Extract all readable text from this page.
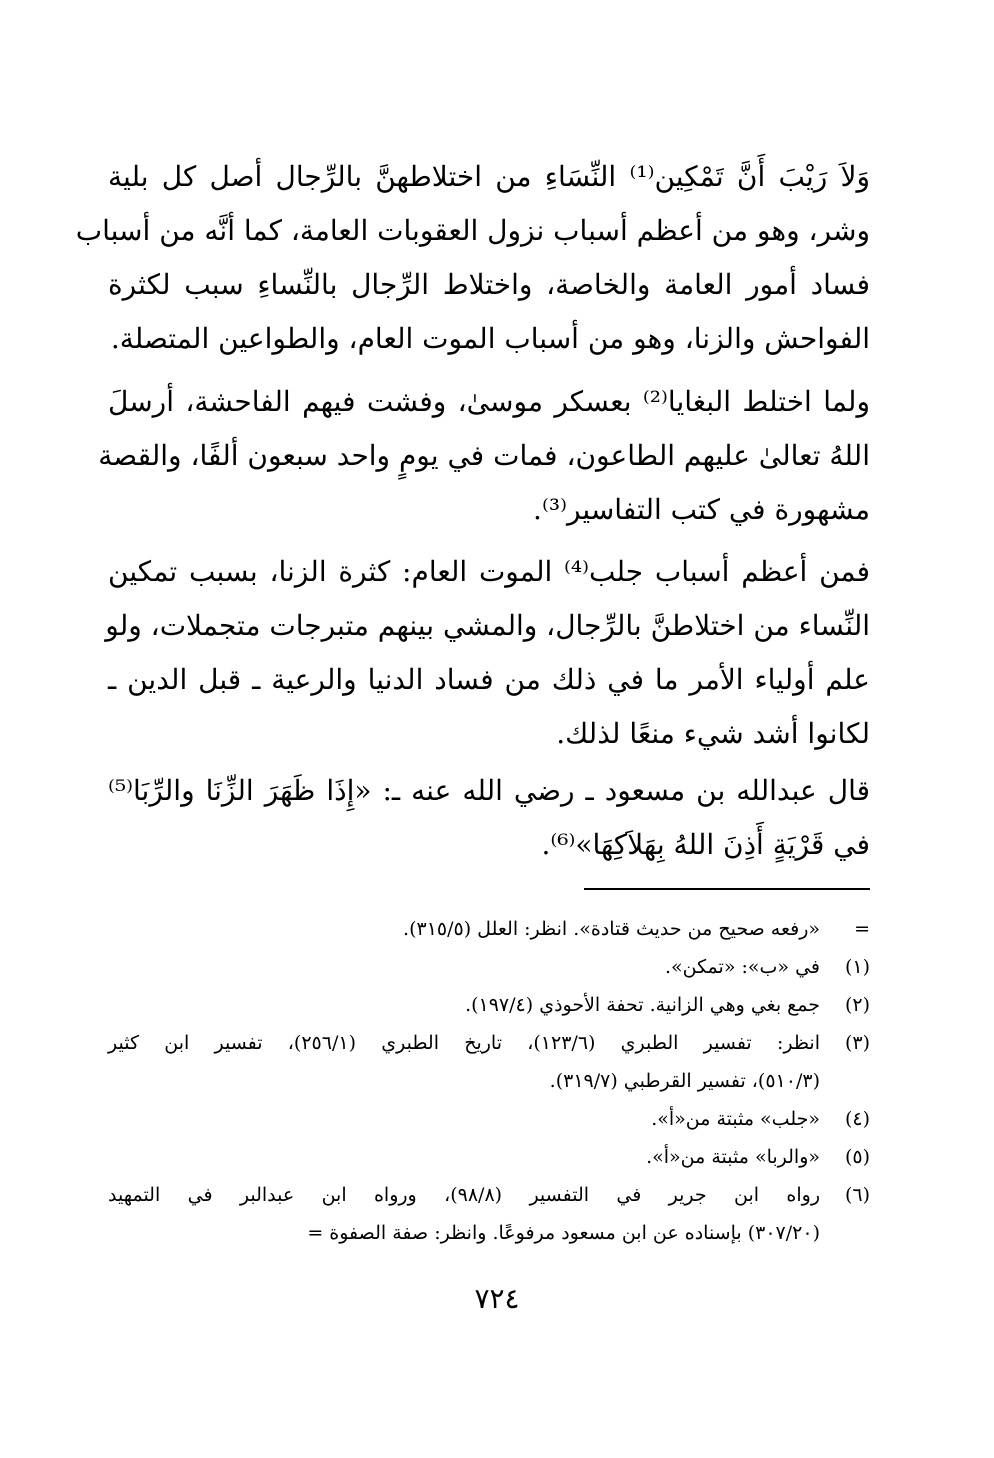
وَلاَ رَيْبَ أَنَّ تَمْكِين⁽¹⁾ النِّسَاءِ من اختلاطهنَّ بالرِّجال أصل كل بلية
وشر، وهو من أعظم أسباب نزول العقوبات العامة، كما أنَّه من أسباب
فساد أمور العامة والخاصة، واختلاط الرِّجال بالنِّساءِ سبب لكثرة
الفواحش والزنا، وهو من أسباب الموت العام، والطواعين المتصلة.
ولما اختلط البغايا⁽²⁾ بعسكر موسىٰ، وفشت فيهم الفاحشة، أرسلَ
اللهُ تعالىٰ عليهم الطاعون، فمات في يومٍ واحد سبعون ألفًا، والقصة
مشهورة في كتب التفاسير⁽³⁾.
فمن أعظم أسباب جلب⁽⁴⁾ الموت العام: كثرة الزنا، بسبب تمكين
النِّساء من اختلاطنَّ بالرِّجال، والمشي بينهم متبرجات متجملات، ولو
علم أولياء الأمر ما في ذلك من فساد الدنيا والرعية ـ قبل الدين ـ
لكانوا أشد شيء منعًا لذلك.
قال عبدالله بن مسعود ـ رضي الله عنه ـ: «إِذَا ظَهَرَ الزِّنَا والرِّبَا⁽⁵⁾
في قَرْيَةٍ أَذِنَ اللهُ بِهَلاَكِهَا»⁽⁶⁾.
=
«رفعه صحيح من حديث قتادة». انظر: العلل (٣١٥/٥).
(١)
في «ب»: «تمكن».
(٢)
جمع بغي وهي الزانية. تحفة الأحوذي (١٩٧/٤).
(٣)
انظر: تفسير الطبري (١٢٣/٦)، تاريخ الطبري (٢٥٦/١)، تفسير ابن كثير
(٥١٠/٣)، تفسير القرطبي (٣١٩/٧).
(٤)
«جلب» مثبتة من«أ».
(٥)
«والربا» مثبتة من«أ».
(٦)
رواه ابن جرير في التفسير (٩٨/٨)، ورواه ابن عبدالبر في التمهيد
(٣٠٧/٢٠) بإسناده عن ابن مسعود مرفوعًا. وانظر: صفة الصفوة =
٧٢٤
